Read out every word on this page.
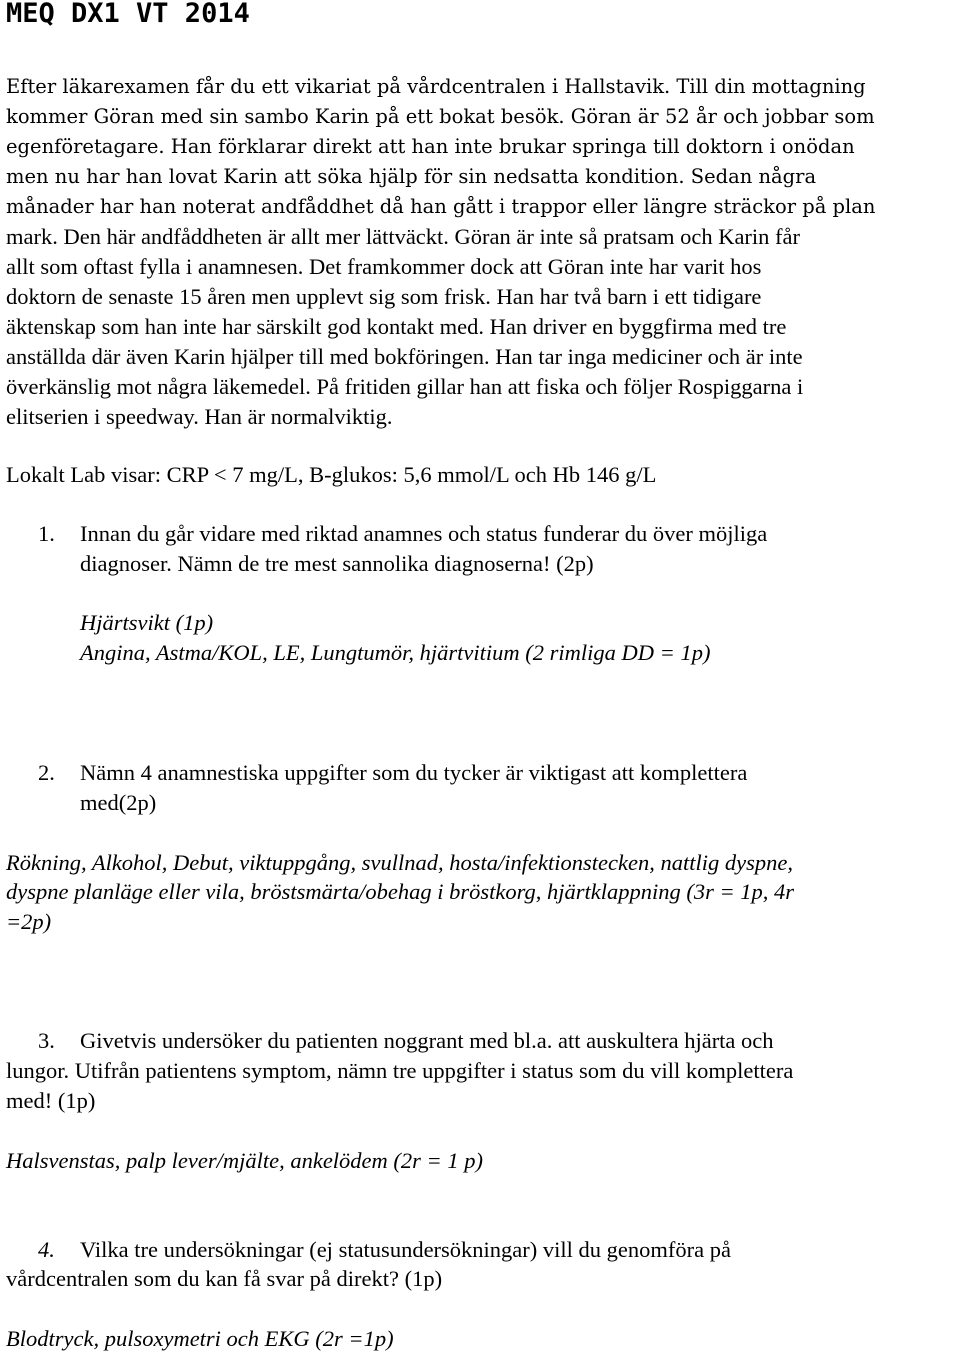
MEQ DX1 VT 2014
Efter läkarexamen får du ett vikariat på vårdcentralen i Hallstavik. Till din mottagning
kommer Göran med sin sambo Karin på ett bokat besök. Göran är 52 år och jobbar som
egenföretagare. Han förklarar direkt att han inte brukar springa till doktorn i onödan
men nu har han lovat Karin att söka hjälp för sin nedsatta kondition. Sedan några
månader har han noterat andfåddhet då han gått i trappor eller längre sträckor på plan
mark. Den här andfåddheten är allt mer lättväckt. Göran är inte så pratsam och Karin får
allt som oftast fylla i anamnesen. Det framkommer dock att Göran inte har varit hos
doktorn de senaste 15 åren men upplevt sig som frisk. Han har två barn i ett tidigare
äktenskap som han inte har särskilt god kontakt med. Han driver en byggfirma med tre
anställda där även Karin hjälper till med bokföringen. Han tar inga mediciner och är inte
överkänslig mot några läkemedel. På fritiden gillar han att fiska och följer Rospiggarna i
elitserien i speedway. Han är normalviktig.

Lokalt Lab visar: CRP < 7 mg/L, B-glukos: 5,6 mmol/L och Hb 146 g/L

1. Innan du går vidare med riktad anamnes och status funderar du över möjliga

diagnoser. Nämn de tre mest sannolika diagnoserna! (2p)

Hjärtsvikt (1p)

Angina, Astma/KOL, LE, Lungtumör, hjärtvitium (2 rimliga DD = 1p)

2. Nämn 4 anamnestiska uppgifter som du tycker är viktigast att komplettera

med(2p)

Rökning, Alkohol, Debut, viktuppgång, svullnad, hosta/infektionstecken, nattlig dyspne,

dyspne planläge eller vila, bröstsmärta/obehag i bröstkorg, hjärtklappning (3r = 1p, 4r

=2p)

3. Givetvis undersöker du patienten noggrant med bl.a. att auskultera hjärta och

lungor. Utifrån patientens symptom, nämn tre uppgifter i status som du vill komplettera

med! (1p)

Halsvenstas, palp lever/mjälte, ankelödem (2r = 1 p)

4. Vilka tre undersökningar (ej statusundersökningar) vill du genomföra på

vårdcentralen som du kan få svar på direkt? (1p)

Blodtryck, pulsoxymetri och EKG (2r =1p)
